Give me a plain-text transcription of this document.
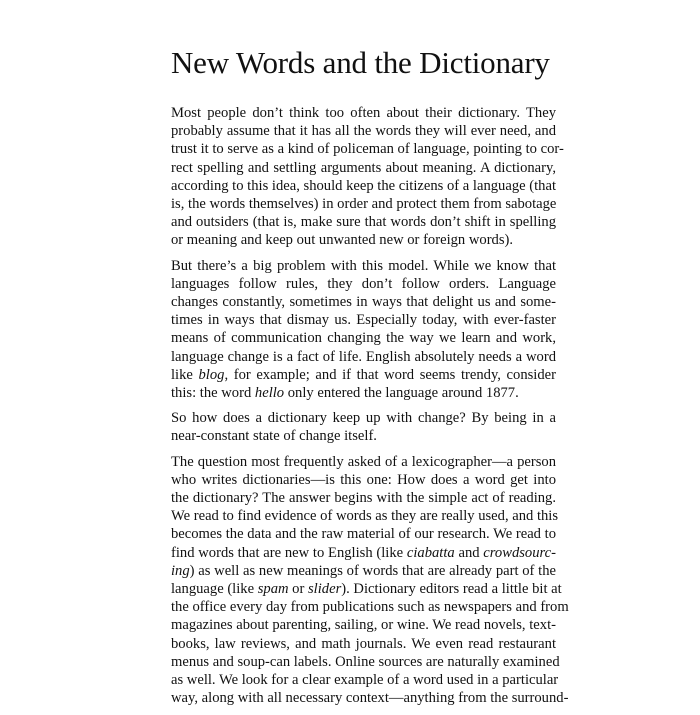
New Words and the Dictionary

Most people don’t think too often about their dictionary. They
probably assume that it has all the words they will ever need, and
trust it to serve as a kind of policeman of language, pointing to cor-
rect spelling and settling arguments about meaning. A dictionary,
according to this idea, should keep the citizens of a language (that
is, the words themselves) in order and protect them from sabotage
and outsiders (that is, make sure that words don’t shift in spelling
or meaning and keep out unwanted new or foreign words).

But there’s a big problem with this model. While we know that
languages follow rules, they don’t follow orders. Language
changes constantly, sometimes in ways that delight us and some-
times in ways that dismay us. Especially today, with ever-faster
means of communication changing the way we learn and work,
language change is a fact of life. English absolutely needs a word
like blog, for example; and if that word seems trendy, consider
this: the word hello only entered the language around 1877.

So how does a dictionary keep up with change? By being in a
near-constant state of change itself.

The question most frequently asked of a lexicographer—a person
who writes dictionaries—is this one: How does a word get into
the dictionary? The answer begins with the simple act of reading.
We read to find evidence of words as they are really used, and this
becomes the data and the raw material of our research. We read to
find words that are new to English (like ciabatta and crowdsourc-
ing) as well as new meanings of words that are already part of the
language (like spam or slider). Dictionary editors read a little bit at
the office every day from publications such as newspapers and from
magazines about parenting, sailing, or wine. We read novels, text-
books, law reviews, and math journals. We even read restaurant
menus and soup-can labels. Online sources are naturally examined
as well. We look for a clear example of a word used in a particular
way, along with all necessary context—anything from the surround-
